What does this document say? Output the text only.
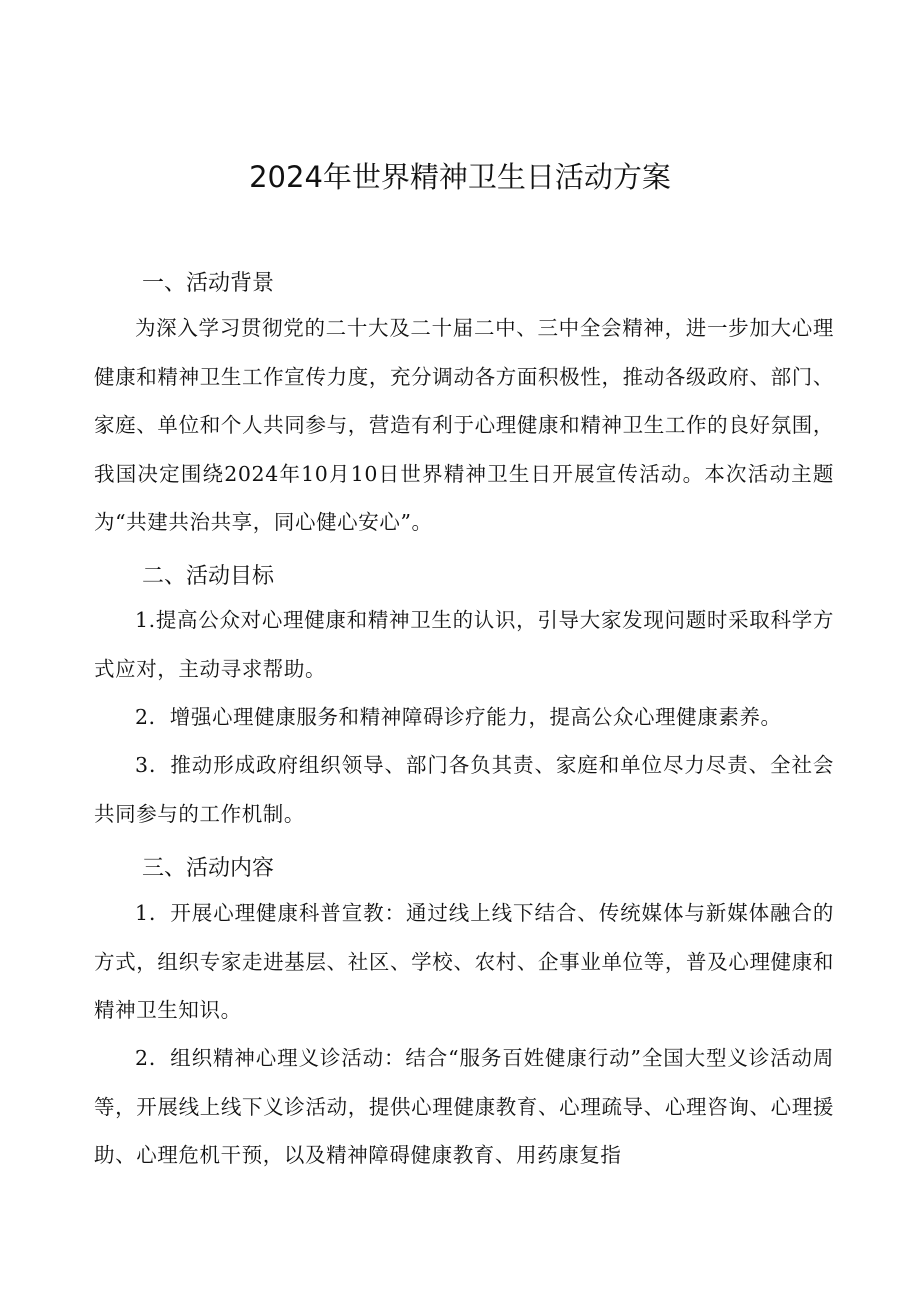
2024年世界精神卫生日活动方案
一、活动背景
为深入学习贯彻党的二十大及二十届二中、三中全会精神，进一步加大心理健康和精神卫生工作宣传力度，充分调动各方面积极性，推动各级政府、部门、家庭、单位和个人共同参与，营造有利于心理健康和精神卫生工作的良好氛围，我国决定围绕2024年10月10日世界精神卫生日开展宣传活动。本次活动主题为“共建共治共享，同心健心安心”。
二、活动目标
1.提高公众对心理健康和精神卫生的认识，引导大家发现问题时采取科学方式应对，主动寻求帮助。
2．增强心理健康服务和精神障碍诊疗能力，提高公众心理健康素养。
3．推动形成政府组织领导、部门各负其责、家庭和单位尽力尽责、全社会共同参与的工作机制。
三、活动内容
1．开展心理健康科普宣教：通过线上线下结合、传统媒体与新媒体融合的方式，组织专家走进基层、社区、学校、农村、企事业单位等，普及心理健康和精神卫生知识。
2．组织精神心理义诊活动：结合“服务百姓健康行动”全国大型义诊活动周等，开展线上线下义诊活动，提供心理健康教育、心理疏导、心理咨询、心理援助、心理危机干预，以及精神障碍健康教育、用药康复指
